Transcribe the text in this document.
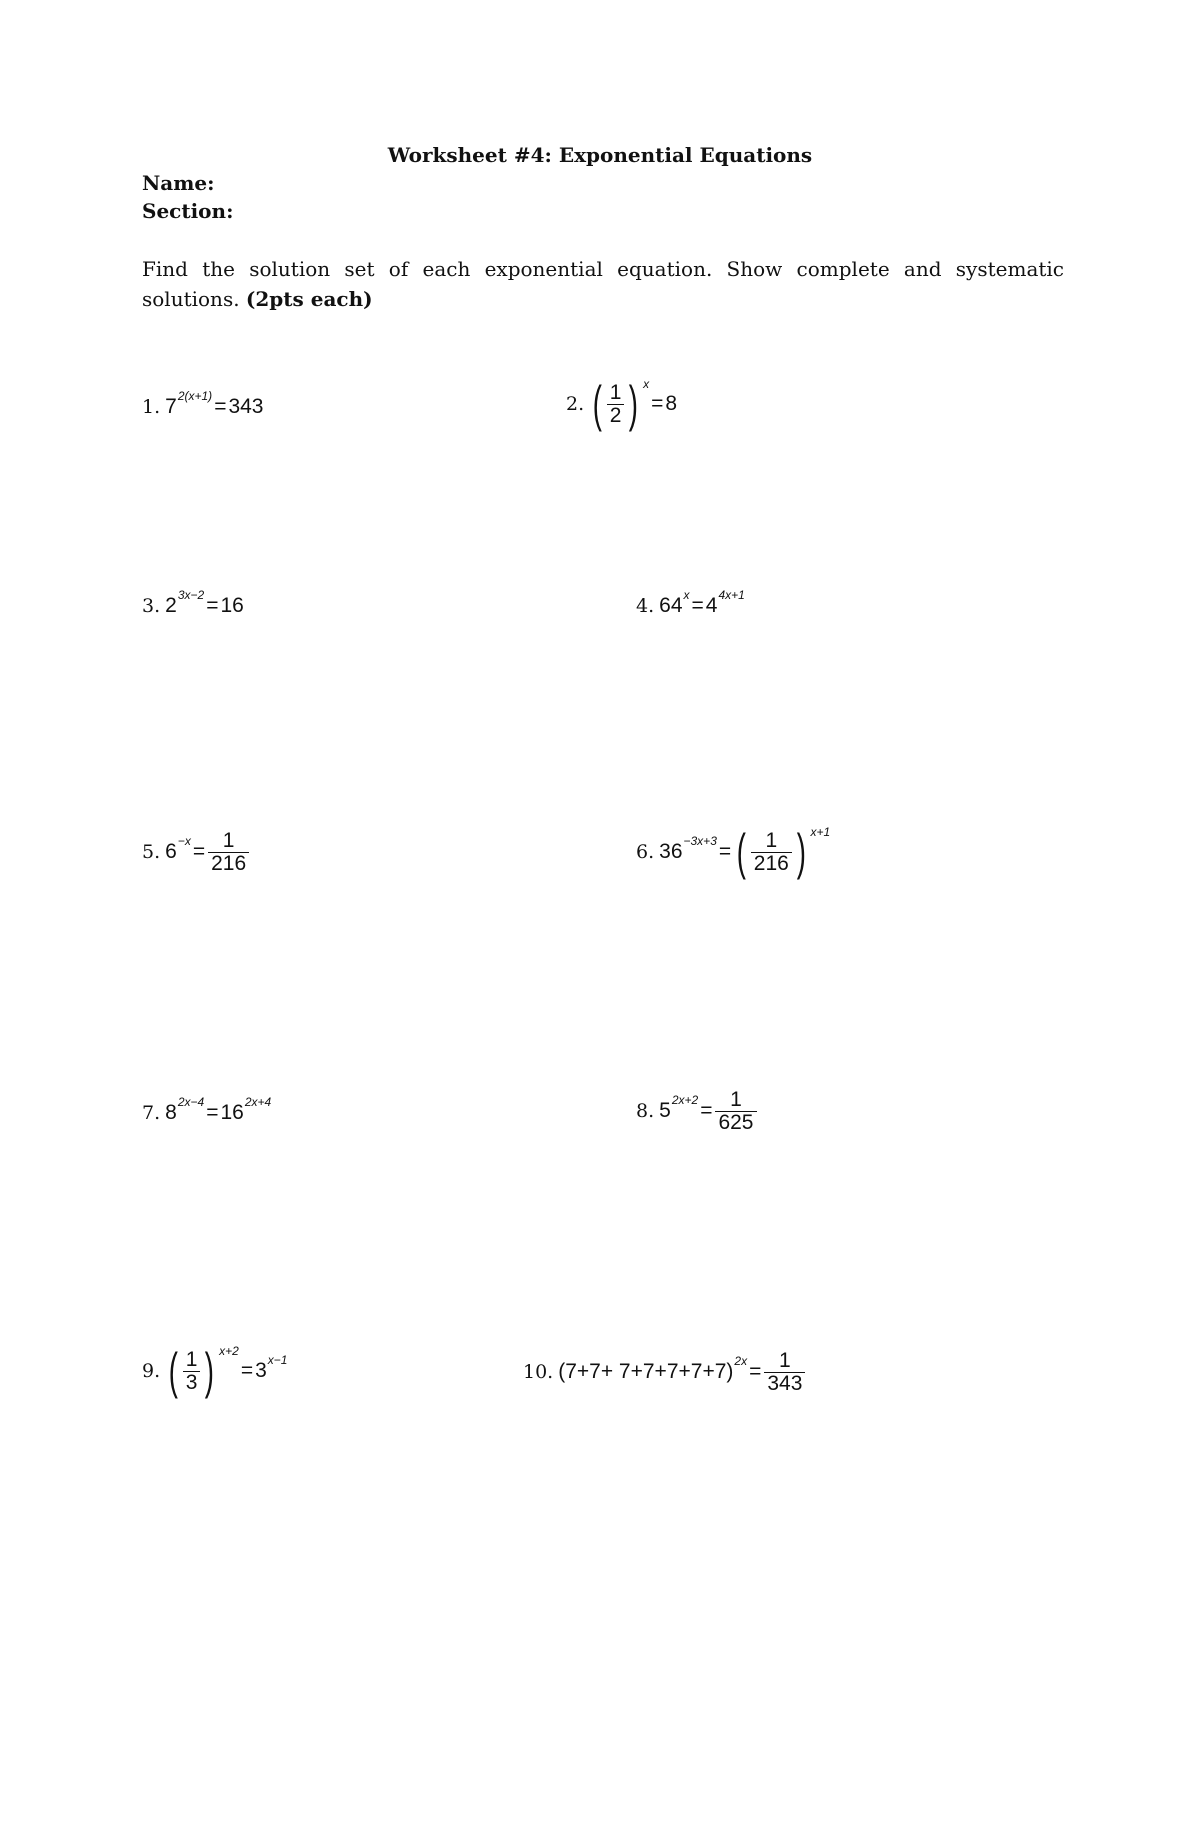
Worksheet #4: Exponential Equations
Name:
Section:
Find the solution set of each exponential equation. Show complete and systematic solutions. (2pts each)
1. 7 2(x+1) = 343	2. ( $\frac{1}{2}$ ) x
= 8
3. 2 3x−2 = 16	4. 64 x = 4 4x+1
5. $6 -x = \frac{1}{216}$	6. 36 −3x+3 = ( $\frac{1}{216}$ ) x+1
7. 8 2x−4 = 16 2x+4	8. 5 $2x+2 = \frac{1}{625}$
9. ( $\frac{1}{3}$ ) x+2
= 3 x−1
10. (7+7+ 7+7+7+7+7) $2x = \frac{1}{343}$
